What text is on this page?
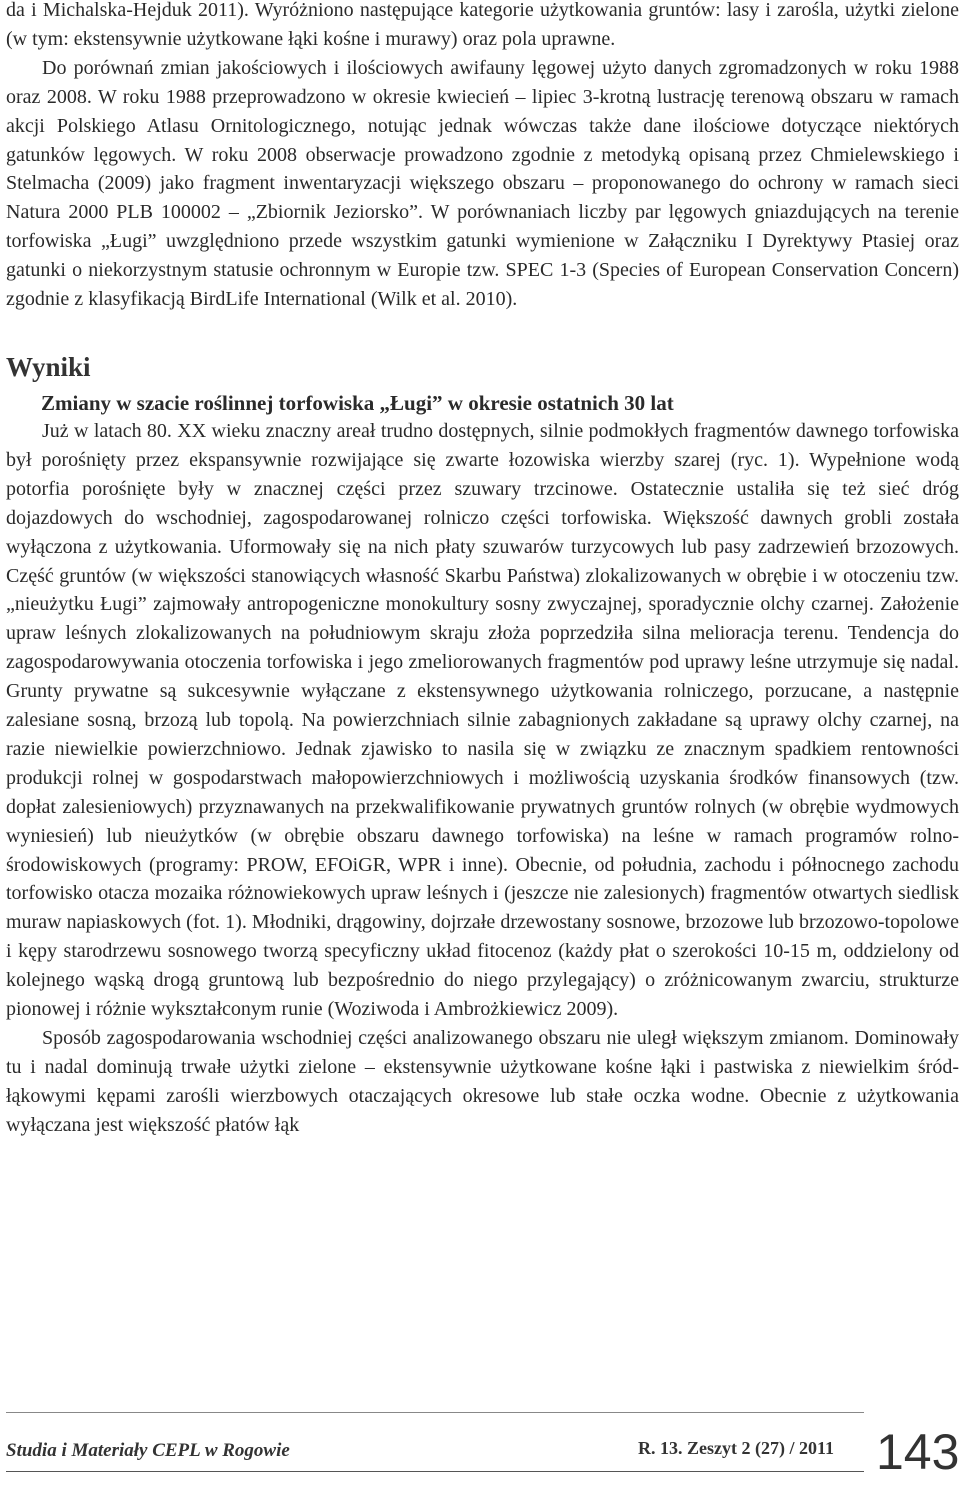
da i Michalska-Hejduk 2011). Wyróżniono następujące kategorie użytkowania gruntów: lasy i zarośla, użytki zielone (w tym: ekstensywnie użytkowane łąki kośne i murawy) oraz pola uprawne.

Do porównań zmian jakościowych i ilościowych awifauny lęgowej użyto danych zgromadzonych w roku 1988 oraz 2008. W roku 1988 przeprowadzono w okresie kwiecień – lipiec 3-krotną lustrację terenową obszaru w ramach akcji Polskiego Atlasu Ornitologicznego, notując jednak wówczas także dane ilościowe dotyczące niektórych gatunków lęgowych. W roku 2008 obserwacje prowadzono zgodnie z metodyką opisaną przez Chmielewskiego i Stelmacha (2009) jako fragment inwentaryzacji większego obszaru – proponowanego do ochrony w ramach sieci Natura 2000 PLB 100002 – „Zbiornik Jeziorsko”. W porównaniach liczby par lęgowych gniazdujących na terenie torfowiska „Ługi” uwzględniono przede wszystkim gatunki wymienione w Załączniku I Dyrektywy Ptasiej oraz gatunki o niekorzystnym statusie ochronnym w Europie tzw. SPEC 1-3 (Species of European Conservation Concern) zgodnie z klasyfikacją BirdLife International (Wilk et al. 2010).

Wyniki
Zmiany w szacie roślinnej torfowiska „Ługi” w okresie ostatnich 30 lat

Już w latach 80. XX wieku znaczny areał trudno dostępnych, silnie podmokłych fragmentów dawnego torfowiska był porośnięty przez ekspansywnie rozwijające się zwarte łozowiska wierzby szarej (ryc. 1). Wypełnione wodą potorfia porośnięte były w znacznej części przez szuwary trzcinowe. Ostatecznie ustaliła się też sieć dróg dojazdowych do wschodniej, zagospodarowanej rolniczo części torfowiska. Większość dawnych grobli została wyłączona z użytkowania. Uformowały się na nich płaty szuwarów turzycowych lub pasy zadrzewień brzozowych. Część gruntów (w większości stanowiących własność Skarbu Państwa) zlokalizowanych w obrębie i w otoczeniu tzw. „nieużytku Ługi” zajmowały antropogeniczne monokultury sosny zwyczajnej, sporadycznie olchy czarnej. Założenie upraw leśnych zlokalizowanych na południowym skraju złoża poprzedziła silna melioracja terenu. Tendencja do zagospodarowywania otoczenia torfowiska i jego zmeliorowanych fragmentów pod uprawy leśne utrzymuje się nadal. Grunty prywatne są sukcesywnie wyłączane z ekstensywnego użytkowania rolniczego, porzucane, a następnie zalesiane sosną, brzozą lub topolą. Na powierzchniach silnie zabagnionych zakładane są uprawy olchy czarnej, na razie niewielkie powierzchniowo. Jednak zjawisko to nasila się w związku ze znacznym spadkiem rentowności produkcji rolnej w gospodarstwach małopowierzchniowych i możliwością uzyskania środków finansowych (tzw. dopłat zalesieniowych) przyznawanych na przekwalifikowanie prywatnych gruntów rolnych (w obrębie wydmowych wyniesień) lub nieużytków (w obrębie obszaru dawnego torfowiska) na leśne w ramach programów rolno-środowiskowych (programy: PROW, EFOiGR, WPR i inne). Obecnie, od południa, zachodu i północnego zachodu torfowisko otacza mozaika różnowiekowych upraw leśnych i (jeszcze nie zalesionych) fragmentów otwartych siedlisk muraw napiaskowych (fot. 1). Młodniki, drągowiny, dojrzałe drzewostany sosnowe, brzozowe lub brzozowo-topolowe i kępy starodrzewu sosnowego tworzą specyficzny układ fitocenoz (każdy płat o szerokości 10-15 m, oddzielony od kolejnego wąską drogą gruntową lub bezpośrednio do niego przylegający) o zróżnicowanym zwarciu, strukturze pionowej i różnie wykształconym runie (Woziwoda i Ambrożkiewicz 2009).

Sposób zagospodarowania wschodniej części analizowanego obszaru nie uległ większym zmianom. Dominowały tu i nadal dominują trwałe użytki zielone – ekstensywnie użytkowane kośne łąki i pastwiska z niewielkim śród-łąkowymi kępami zarośli wierzbowych otaczających okresowe lub stałe oczka wodne. Obecnie z użytkowania wyłączana jest większość płatów łąk

Studia i Materiały CEPL w Rogowie	R. 13. Zeszyt 2 (27) / 2011 143
